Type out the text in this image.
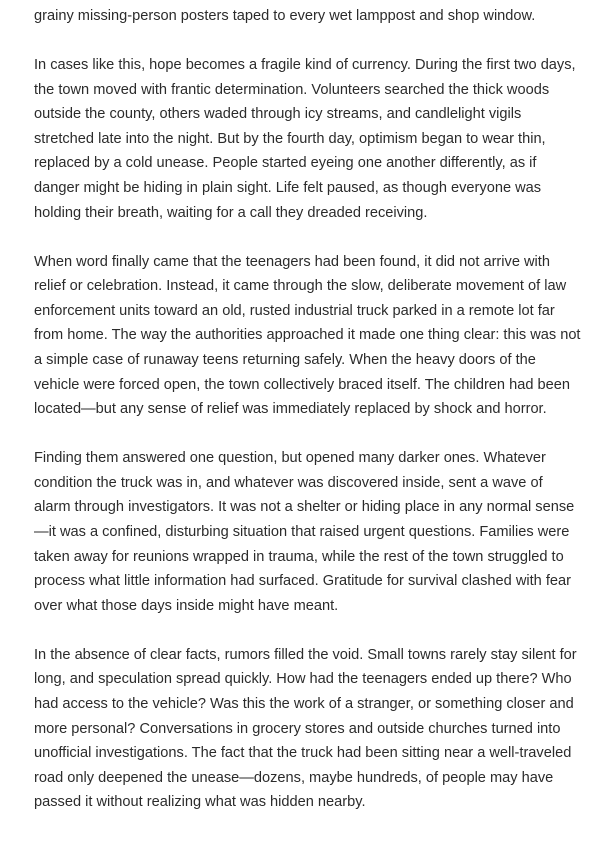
grainy missing-person posters taped to every wet lamppost and shop window.

In cases like this, hope becomes a fragile kind of currency. During the first two days, the town moved with frantic determination. Volunteers searched the thick woods outside the county, others waded through icy streams, and candlelight vigils stretched late into the night. But by the fourth day, optimism began to wear thin, replaced by a cold unease. People started eyeing one another differently, as if danger might be hiding in plain sight. Life felt paused, as though everyone was holding their breath, waiting for a call they dreaded receiving.

When word finally came that the teenagers had been found, it did not arrive with relief or celebration. Instead, it came through the slow, deliberate movement of law enforcement units toward an old, rusted industrial truck parked in a remote lot far from home. The way the authorities approached it made one thing clear: this was not a simple case of runaway teens returning safely. When the heavy doors of the vehicle were forced open, the town collectively braced itself. The children had been located—but any sense of relief was immediately replaced by shock and horror.

Finding them answered one question, but opened many darker ones. Whatever condition the truck was in, and whatever was discovered inside, sent a wave of alarm through investigators. It was not a shelter or hiding place in any normal sense—it was a confined, disturbing situation that raised urgent questions. Families were taken away for reunions wrapped in trauma, while the rest of the town struggled to process what little information had surfaced. Gratitude for survival clashed with fear over what those days inside might have meant.

In the absence of clear facts, rumors filled the void. Small towns rarely stay silent for long, and speculation spread quickly. How had the teenagers ended up there? Who had access to the vehicle? Was this the work of a stranger, or something closer and more personal? Conversations in grocery stores and outside churches turned into unofficial investigations. The fact that the truck had been sitting near a well-traveled road only deepened the unease—dozens, maybe hundreds, of people may have passed it without realizing what was hidden nearby.
